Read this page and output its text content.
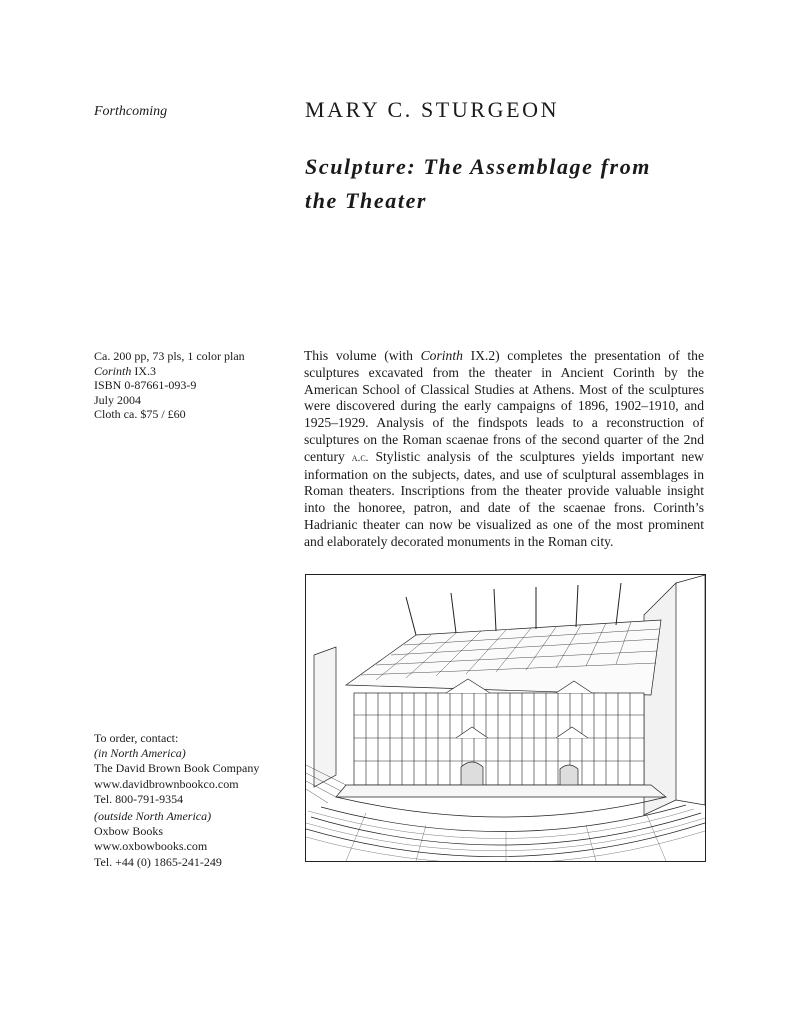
Forthcoming	MARY C. STURGEON
Sculpture: The Assemblage from
the Theater
Ca. 200 pp, 73 pls, 1 color plan
Corinth IX.3
ISBN 0-87661-093-9
July 2004
Cloth ca. $75 / £60
This volume (with Corinth IX.2) completes the presentation of the sculptures excavated from the theater in Ancient Corinth by the American School of Classical Studies at Athens. Most of the sculptures were discovered during the early campaigns of 1896, 1902–1910, and 1925–1929. Analysis of the findspots leads to a reconstruction of sculptures on the Roman scaenae frons of the second quarter of the 2nd century a.c. Stylistic analysis of the sculptures yields important new information on the subjects, dates, and use of sculptural assemblages in Roman theaters. Inscriptions from the theater provide valuable insight into the honoree, patron, and date of the scaenae frons. Corinth’s Hadrianic theater can now be visualized as one of the most prominent and elaborately decorated monuments in the Roman city.
To order, contact:
(in North America)
The David Brown Book Company
www.davidbrownbookco.com
Tel. 800-791-9354
(outside North America)
Oxbow Books
www.oxbowbooks.com
Tel. +44 (0) 1865-241-249
